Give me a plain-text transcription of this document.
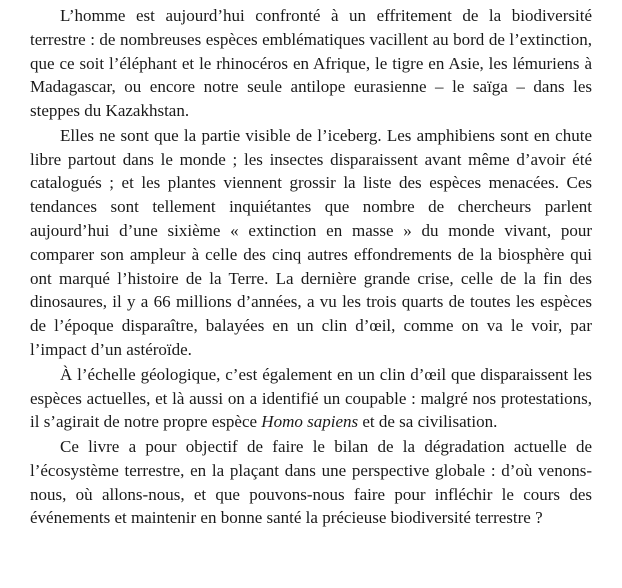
L’homme est aujourd’hui confronté à un effritement de la biodiversité terrestre : de nombreuses espèces emblématiques vacillent au bord de l’extinction, que ce soit l’éléphant et le rhinocéros en Afrique, le tigre en Asie, les lémuriens à Madagascar, ou encore notre seule antilope eurasienne – le saïga – dans les steppes du Kazakhstan.

Elles ne sont que la partie visible de l’iceberg. Les amphibiens sont en chute libre partout dans le monde ; les insectes disparaissent avant même d’avoir été catalogués ; et les plantes viennent grossir la liste des espèces menacées. Ces tendances sont tellement inquiétantes que nombre de chercheurs parlent aujourd’hui d’une sixième « extinction en masse » du monde vivant, pour comparer son ampleur à celle des cinq autres effondrements de la biosphère qui ont marqué l’histoire de la Terre. La dernière grande crise, celle de la fin des dinosaures, il y a 66 millions d’années, a vu les trois quarts de toutes les espèces de l’époque disparaître, balayées en un clin d’œil, comme on va le voir, par l’impact d’un astéroïde.

À l’échelle géologique, c’est également en un clin d’œil que disparaissent les espèces actuelles, et là aussi on a identifié un coupable : malgré nos protestations, il s’agirait de notre propre espèce Homo sapiens et de sa civilisation.

Ce livre a pour objectif de faire le bilan de la dégradation actuelle de l’écosystème terrestre, en la plaçant dans une perspective globale : d’où venons-nous, où allons-nous, et que pouvons-nous faire pour infléchir le cours des événements et maintenir en bonne santé la précieuse biodiversité terrestre ?
